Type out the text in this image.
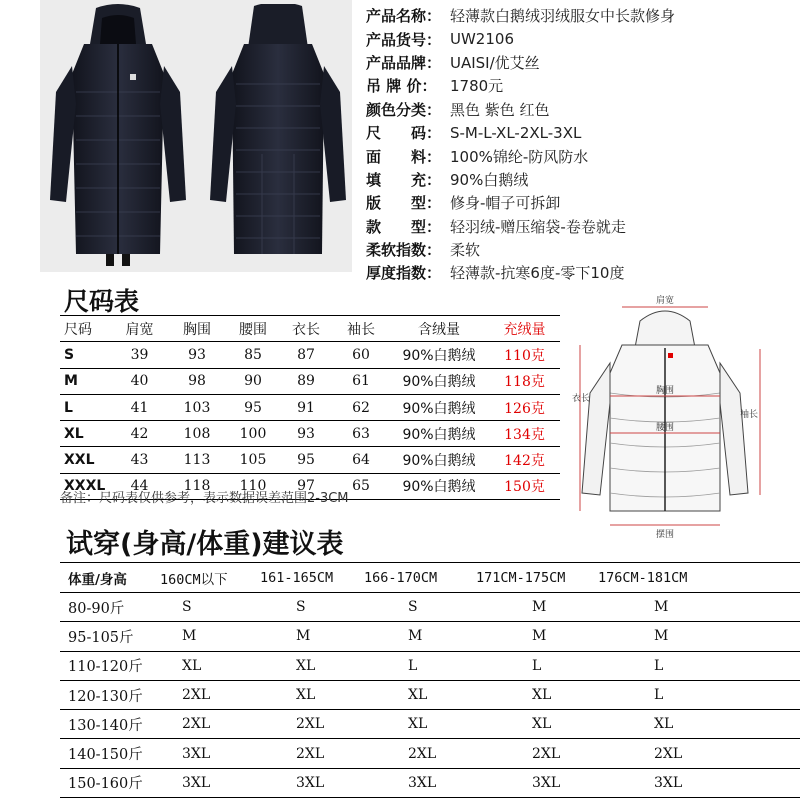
产品名称： 轻薄款白鹅绒羽绒服女中长款修身
产品货号： UW2106
产品品牌： UAISI/优艾丝
吊 牌 价： 1780元
颜色分类： 黑色 紫色 红色
尺　　码： S-M-L-XL-2XL-3XL
面　　料： 100%锦纶-防风防水
填　　充： 90%白鹅绒
版　　型： 修身-帽子可拆卸
款　　型： 轻羽绒-赠压缩袋-卷卷就走
柔软指数： 柔软
厚度指数： 轻薄款-抗寒6度-零下10度
尺码表
尺码	肩宽	胸围	腰围	衣长	袖长	含绒量	充绒量
S	39	93	85	87	60	90%白鹅绒	110克
M	40	98	90	89	61	90%白鹅绒	118克
L	41	103	95	91	62	90%白鹅绒	126克
XL	42	108	100	93	63	90%白鹅绒	134克
XXL	43	113	105	95	64	90%白鹅绒	142克
XXXL	44	118	110	97	65	90%白鹅绒	150克
备注：尺码表仅供参考，表示数据误差范围2-3CM
肩宽
胸围
腰围
摆围
衣长
袖长
试穿(身高/体重)建议表
体重/身高	160CM以下	161-165CM	166-170CM	171CM-175CM	176CM-181CM
80-90斤	S	S	S	M	M
95-105斤	M	M	M	M	M
110-120斤	XL	XL	L	L	L
120-130斤	2XL	XL	XL	XL	L
130-140斤	2XL	2XL	XL	XL	XL
140-150斤	3XL	2XL	2XL	2XL	2XL
150-160斤	3XL	3XL	3XL	3XL	3XL
